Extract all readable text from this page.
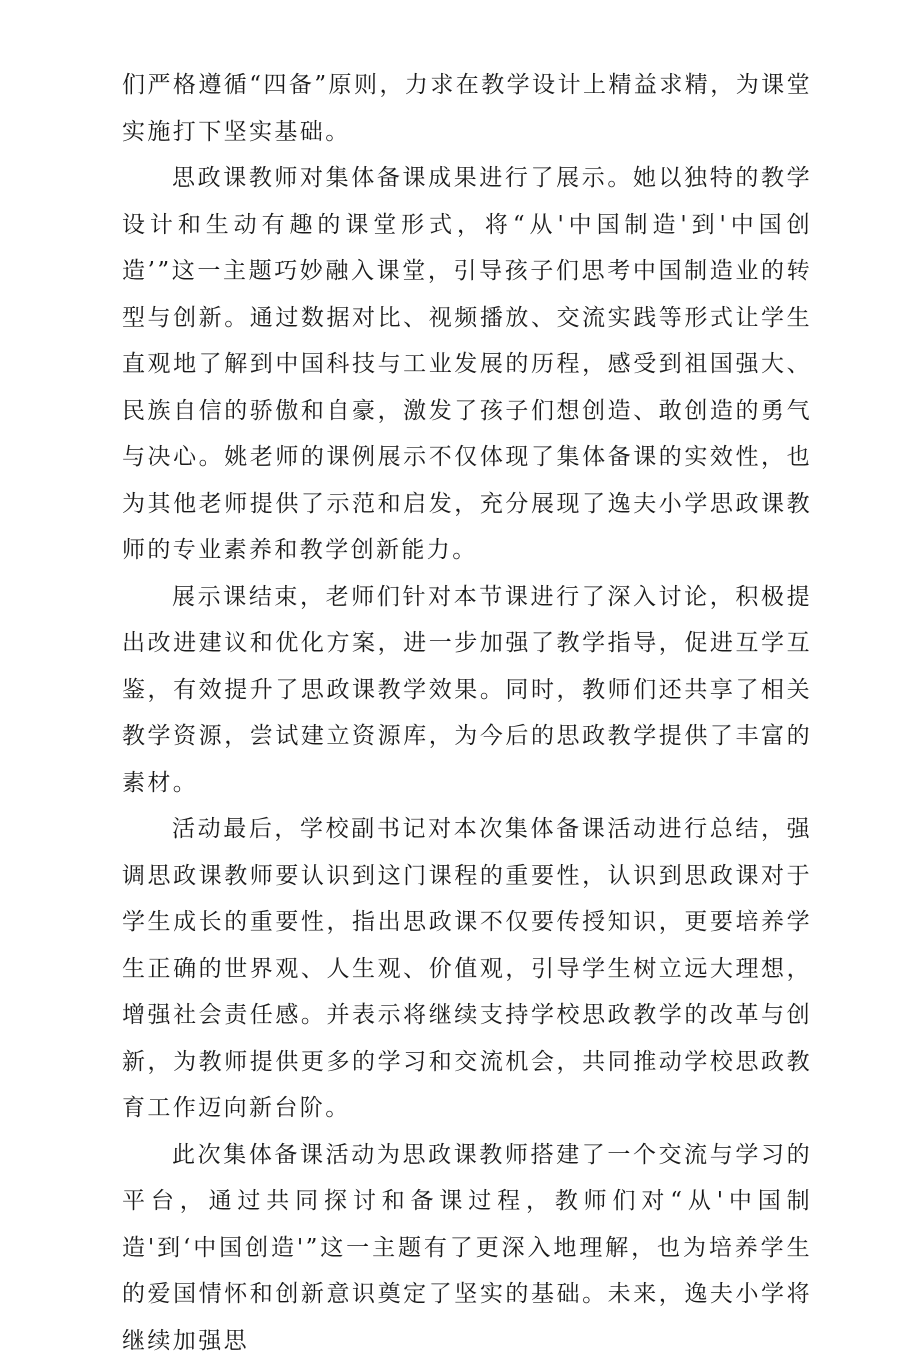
们严格遵循“四备”原则，力求在教学设计上精益求精，为课堂实施打下坚实基础。

思政课教师对集体备课成果进行了展示。她以独特的教学设计和生动有趣的课堂形式，将“从'中国制造'到'中国创造’”这一主题巧妙融入课堂，引导孩子们思考中国制造业的转型与创新。通过数据对比、视频播放、交流实践等形式让学生直观地了解到中国科技与工业发展的历程，感受到祖国强大、民族自信的骄傲和自豪，激发了孩子们想创造、敢创造的勇气与决心。姚老师的课例展示不仅体现了集体备课的实效性，也为其他老师提供了示范和启发，充分展现了逸夫小学思政课教师的专业素养和教学创新能力。

展示课结束，老师们针对本节课进行了深入讨论，积极提出改进建议和优化方案，进一步加强了教学指导，促进互学互鉴，有效提升了思政课教学效果。同时，教师们还共享了相关教学资源，尝试建立资源库，为今后的思政教学提供了丰富的素材。

活动最后，学校副书记对本次集体备课活动进行总结，强调思政课教师要认识到这门课程的重要性，认识到思政课对于学生成长的重要性，指出思政课不仅要传授知识，更要培养学生正确的世界观、人生观、价值观，引导学生树立远大理想，增强社会责任感。并表示将继续支持学校思政教学的改革与创新，为教师提供更多的学习和交流机会，共同推动学校思政教育工作迈向新台阶。

此次集体备课活动为思政课教师搭建了一个交流与学习的平台，通过共同探讨和备课过程，教师们对“从'中国制造'到‘中国创造'”这一主题有了更深入地理解，也为培养学生的爱国情怀和创新意识奠定了坚实的基础。未来，逸夫小学将继续加强思
